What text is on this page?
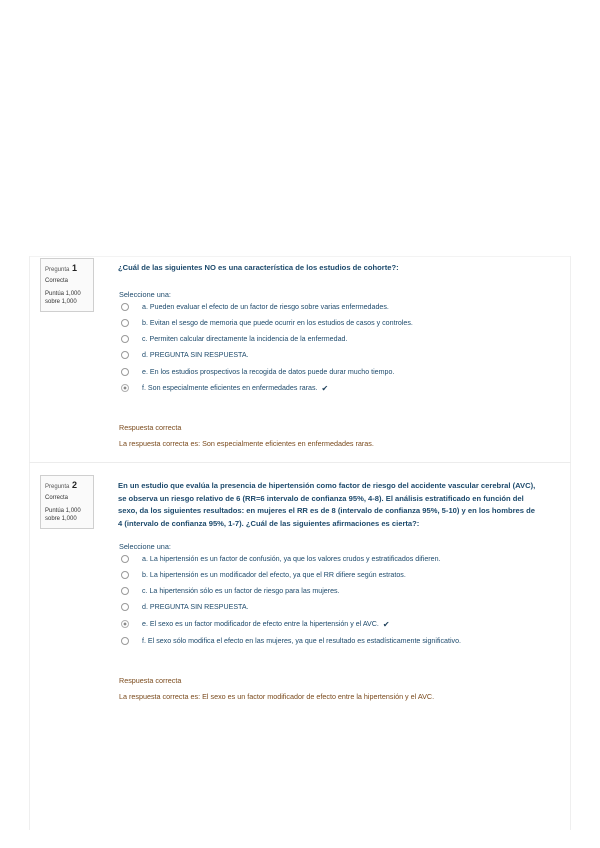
Pregunta 1
Correcta
Puntúa 1,000
sobre 1,000
¿Cuál de las siguientes NO es una característica de los estudios de cohorte?:
Seleccione una:
a. Pueden evaluar el efecto de un factor de riesgo sobre varias enfermedades.
b. Evitan el sesgo de memoria que puede ocurrir en los estudios de casos y controles.
c. Permiten calcular directamente la incidencia de la enfermedad.
d. PREGUNTA SIN RESPUESTA.
e. En los estudios prospectivos la recogida de datos puede durar mucho tiempo.
f. Son especialmente eficientes en enfermedades raras. ✔
Respuesta correcta
La respuesta correcta es: Son especialmente eficientes en enfermedades raras.
Pregunta 2
Correcta
Puntúa 1,000
sobre 1,000
En un estudio que evalúa la presencia de hipertensión como factor de riesgo del accidente vascular cerebral (AVC),
se observa un riesgo relativo de 6 (RR=6 intervalo de confianza 95%, 4-8). El análisis estratificado en función del
sexo, da los siguientes resultados: en mujeres el RR es de 8 (intervalo de confianza 95%, 5-10) y en los hombres de
4 (intervalo de confianza 95%, 1-7). ¿Cuál de las siguientes afirmaciones es cierta?:
Seleccione una:
a. La hipertensión es un factor de confusión, ya que los valores crudos y estratificados difieren.
b. La hipertensión es un modificador del efecto, ya que el RR difiere según estratos.
c. La hipertensión sólo es un factor de riesgo para las mujeres.
d. PREGUNTA SIN RESPUESTA.
e. El sexo es un factor modificador de efecto entre la hipertensión y el AVC. ✔
f. El sexo sólo modifica el efecto en las mujeres, ya que el resultado es estadísticamente significativo.
Respuesta correcta
La respuesta correcta es: El sexo es un factor modificador de efecto entre la hipertensión y el AVC.
